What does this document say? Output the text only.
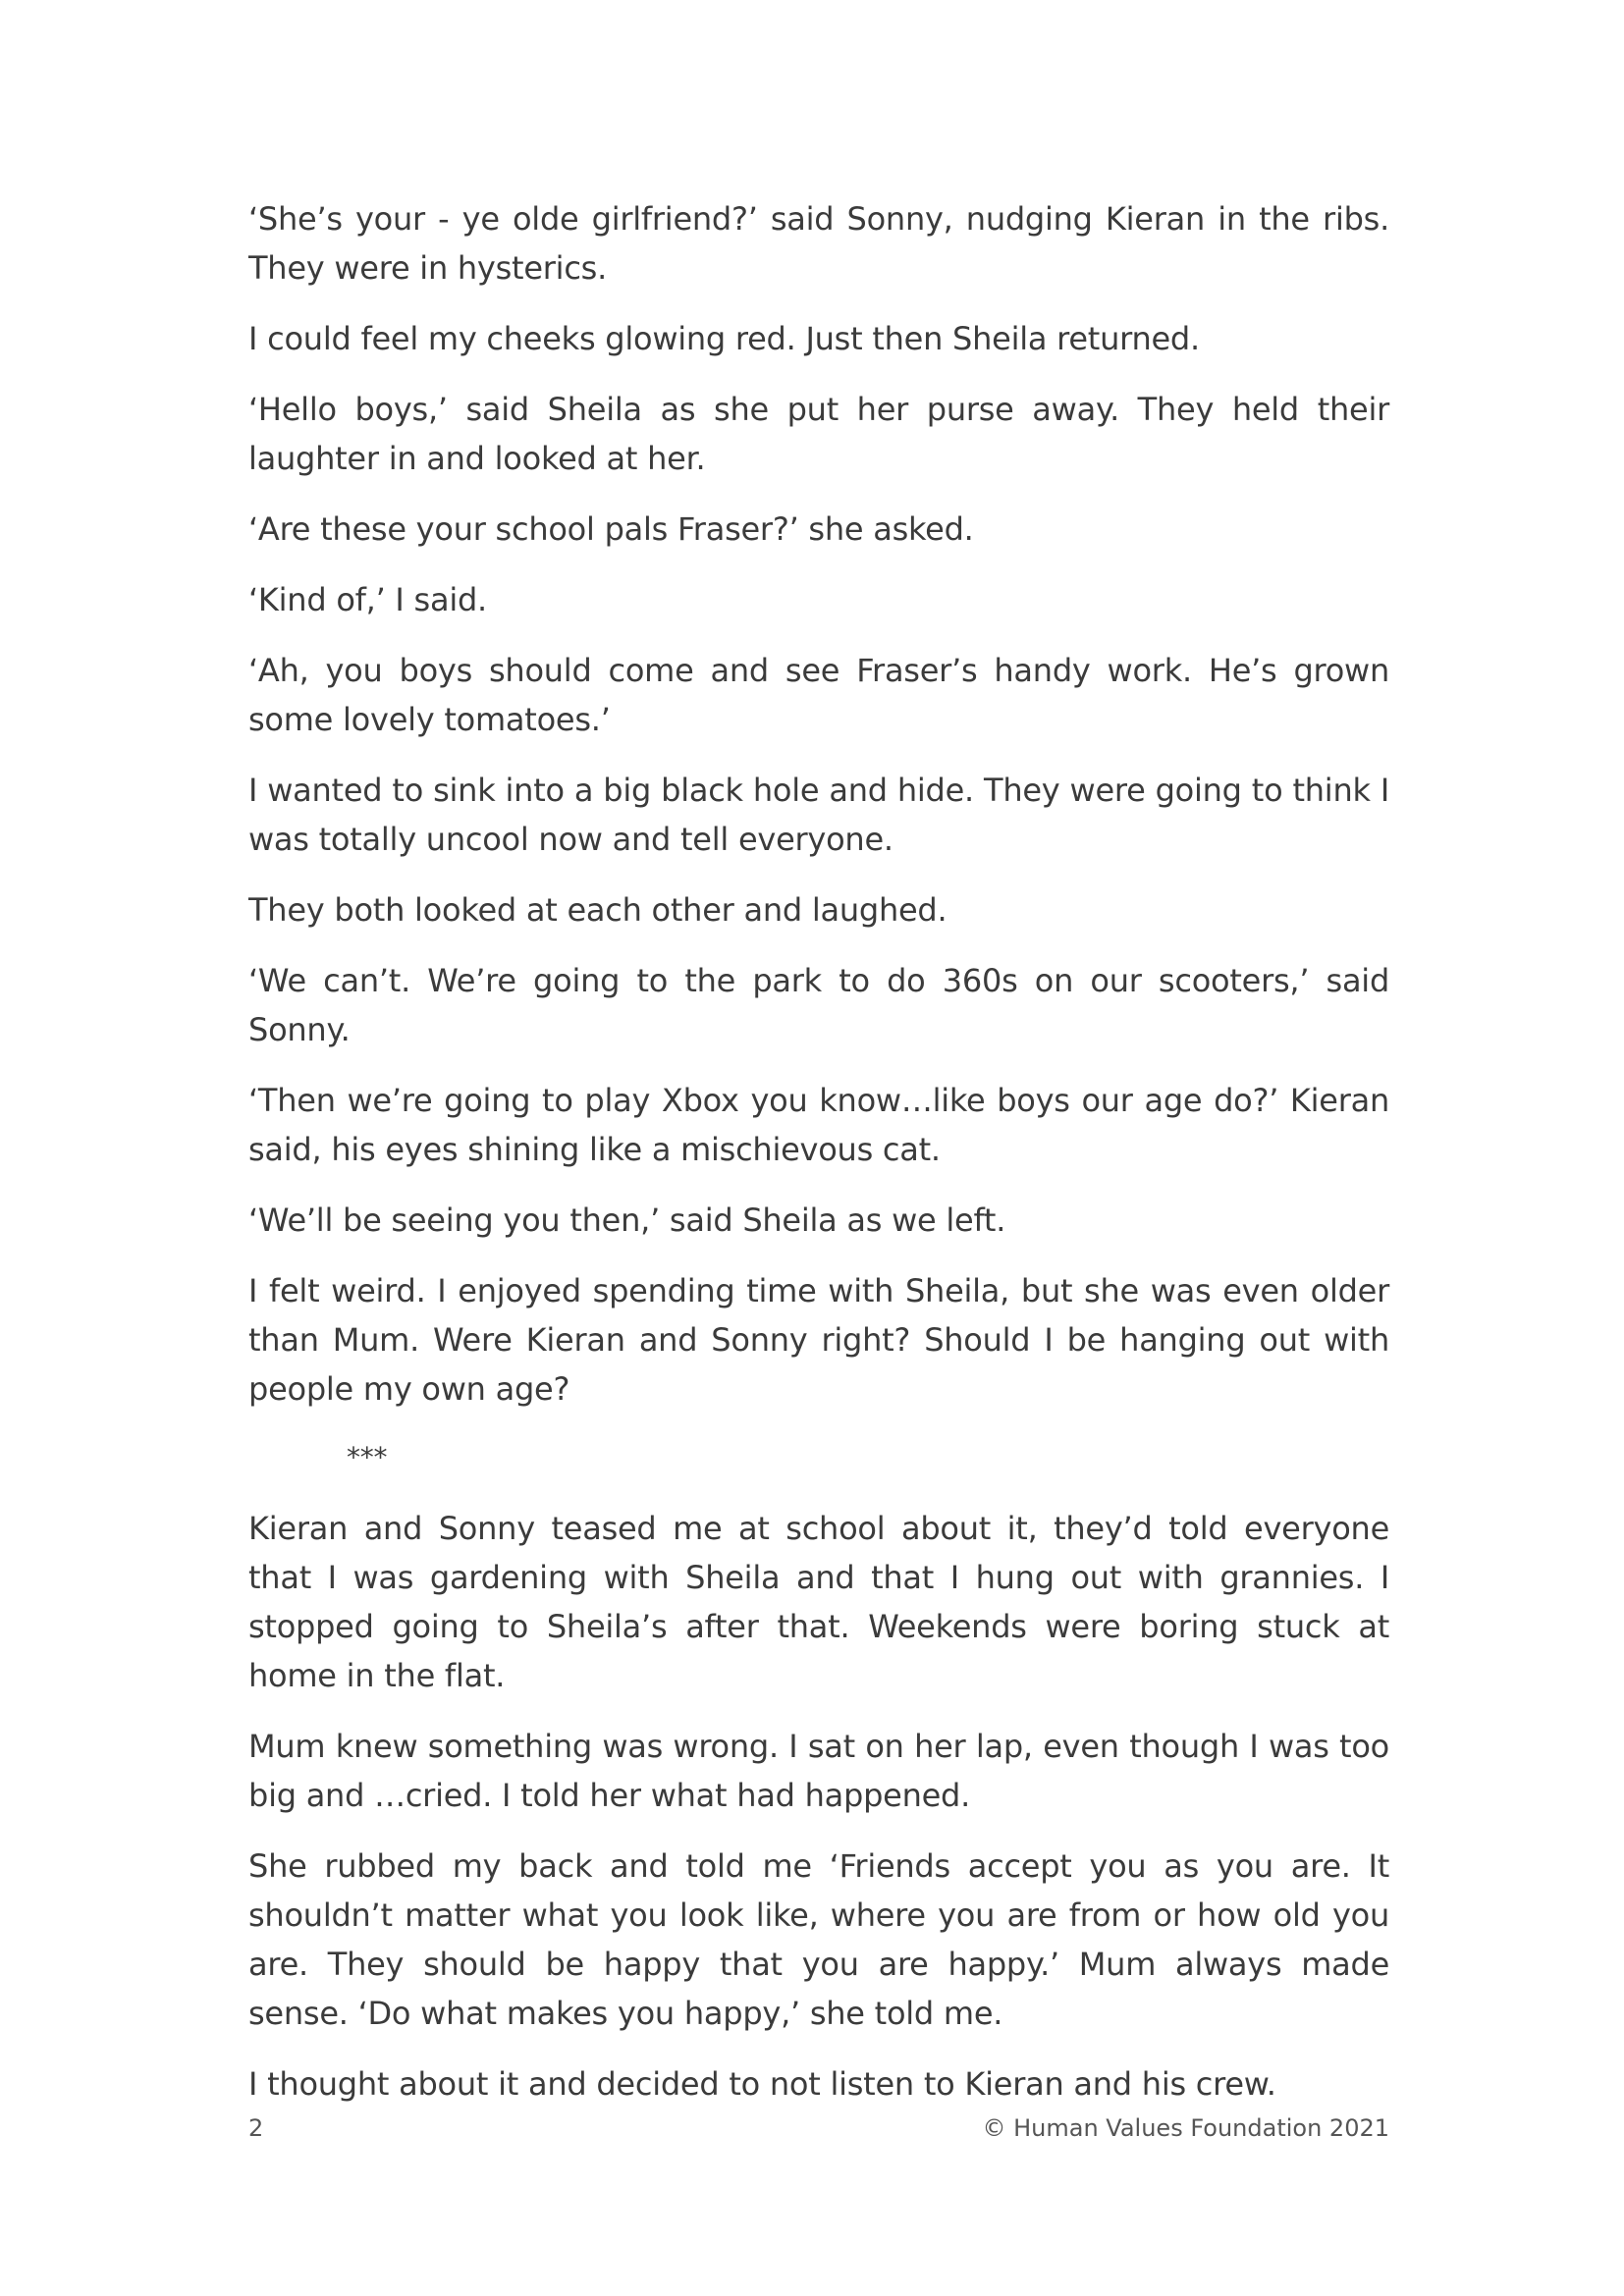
‘She’s your - ye olde girlfriend?’ said Sonny, nudging Kieran in the ribs. They were in hysterics.

I could feel my cheeks glowing red. Just then Sheila returned.

‘Hello boys,’ said Sheila as she put her purse away. They held their laughter in and looked at her.

‘Are these your school pals Fraser?’ she asked.

‘Kind of,’ I said.

‘Ah, you boys should come and see Fraser’s handy work. He’s grown some lovely tomatoes.’

I wanted to sink into a big black hole and hide. They were going to think I was totally uncool now and tell everyone.

They both looked at each other and laughed.

‘We can’t. We’re going to the park to do 360s on our scooters,’ said Sonny.

‘Then we’re going to play Xbox you know…like boys our age do?’ Kieran said, his eyes shining like a mischievous cat.

‘We’ll be seeing you then,’ said Sheila as we left.

I felt weird. I enjoyed spending time with Sheila, but she was even older than Mum. Were Kieran and Sonny right? Should I be hanging out with people my own age?

***

Kieran and Sonny teased me at school about it, they’d told everyone that I was gardening with Sheila and that I hung out with grannies. I stopped going to Sheila’s after that. Weekends were boring stuck at home in the flat.

Mum knew something was wrong. I sat on her lap, even though I was too big and …cried. I told her what had happened.

She rubbed my back and told me ‘Friends accept you as you are. It shouldn’t matter what you look like, where you are from or how old you are. They should be happy that you are happy.’ Mum always made sense. ‘Do what makes you happy,’ she told me.

I thought about it and decided to not listen to Kieran and his crew.

2	© Human Values Foundation 2021
